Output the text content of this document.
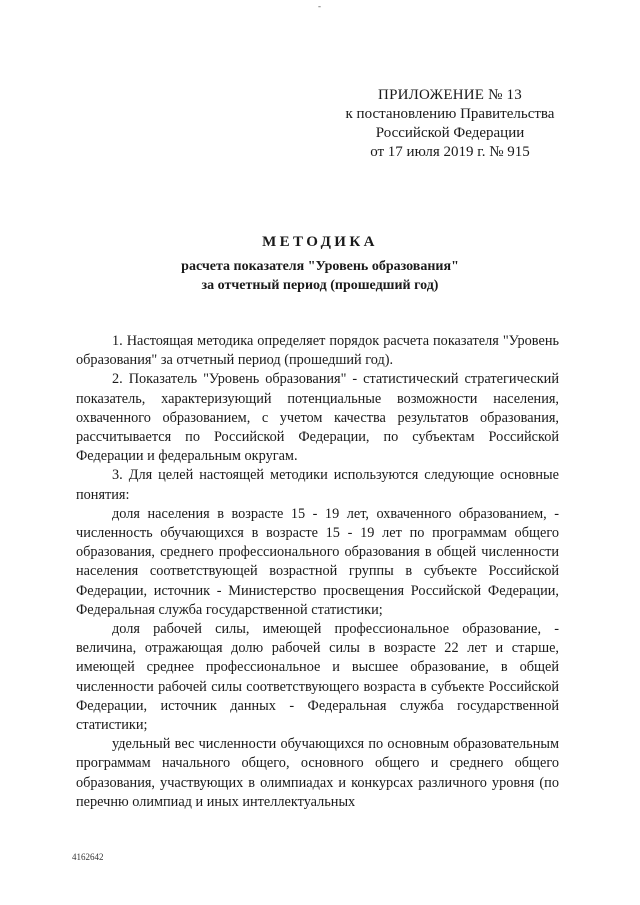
-
ПРИЛОЖЕНИЕ № 13
к постановлению Правительства
Российской Федерации
от 17 июля 2019 г. № 915
МЕТОДИКА
расчета показателя "Уровень образования"
за отчетный период (прошедший год)

1. Настоящая методика определяет порядок расчета показателя "Уровень образования" за отчетный период (прошедший год).

2. Показатель "Уровень образования" - статистический стратегический показатель, характеризующий потенциальные возможности населения, охваченного образованием, с учетом качества результатов образования, рассчитывается по Российской Федерации, по субъектам Российской Федерации и федеральным округам.

3. Для целей настоящей методики используются следующие основные понятия:

доля населения в возрасте 15 - 19 лет, охваченного образованием, - численность обучающихся в возрасте 15 - 19 лет по программам общего образования, среднего профессионального образования в общей численности населения соответствующей возрастной группы в субъекте Российской Федерации, источник - Министерство просвещения Российской Федерации, Федеральная служба государственной статистики;

доля рабочей силы, имеющей профессиональное образование, - величина, отражающая долю рабочей силы в возрасте 22 лет и старше, имеющей среднее профессиональное и высшее образование, в общей численности рабочей силы соответствующего возраста в субъекте Российской Федерации, источник данных - Федеральная служба государственной статистики;

удельный вес численности обучающихся по основным образовательным программам начального общего, основного общего и среднего общего образования, участвующих в олимпиадах и конкурсах различного уровня (по перечню олимпиад и иных интеллектуальных

4162642
